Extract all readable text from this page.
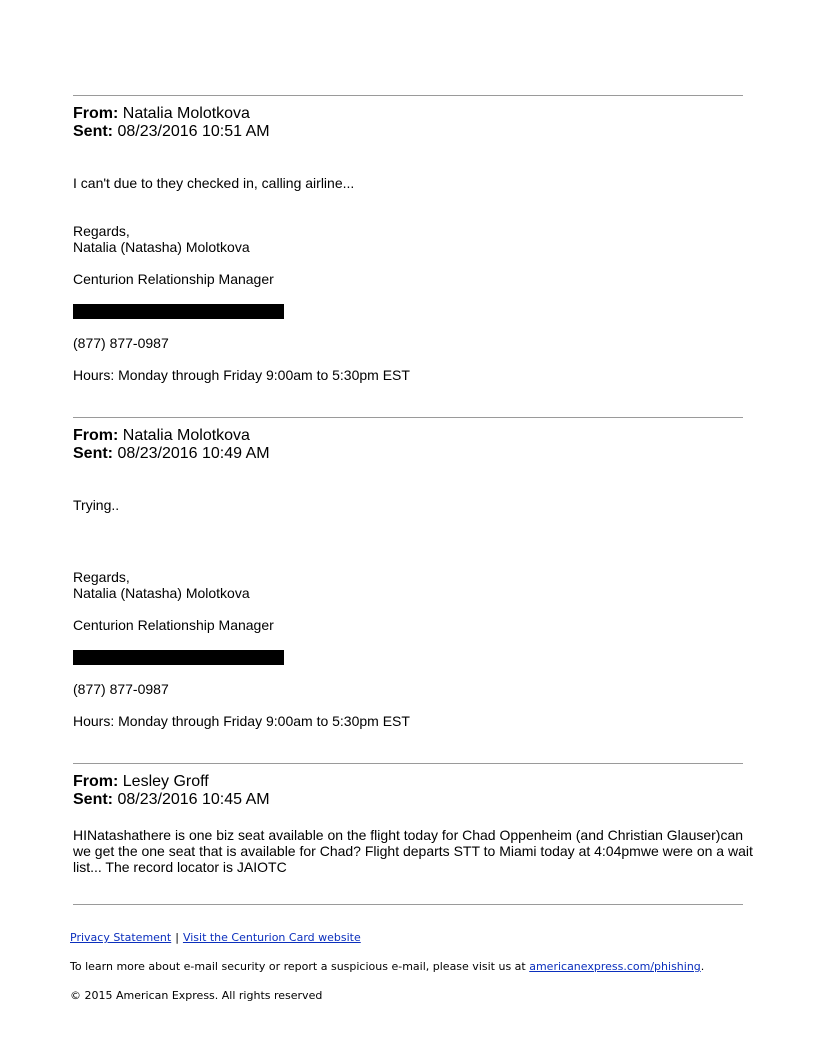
From: Natalia Molotkova
Sent: 08/23/2016 10:51 AM
I can't due to they checked in, calling airline...
Regards,
Natalia (Natasha) Molotkova
Centurion Relationship Manager
(877) 877-0987
Hours: Monday through Friday 9:00am to 5:30pm EST
From: Natalia Molotkova
Sent: 08/23/2016 10:49 AM
Trying..
Regards,
Natalia (Natasha) Molotkova
Centurion Relationship Manager
(877) 877-0987
Hours: Monday through Friday 9:00am to 5:30pm EST
From: Lesley Groff
Sent: 08/23/2016 10:45 AM
HINatashathere is one biz seat available on the flight today for Chad Oppenheim (and Christian Glauser)can we get the one seat that is available for Chad? Flight departs STT to Miami today at 4:04pmwe were on a wait list... The record locator is JAIOTC
Privacy Statement | Visit the Centurion Card website
To learn more about e-mail security or report a suspicious e-mail, please visit us at americanexpress.com/phishing.
© 2015 American Express. All rights reserved
